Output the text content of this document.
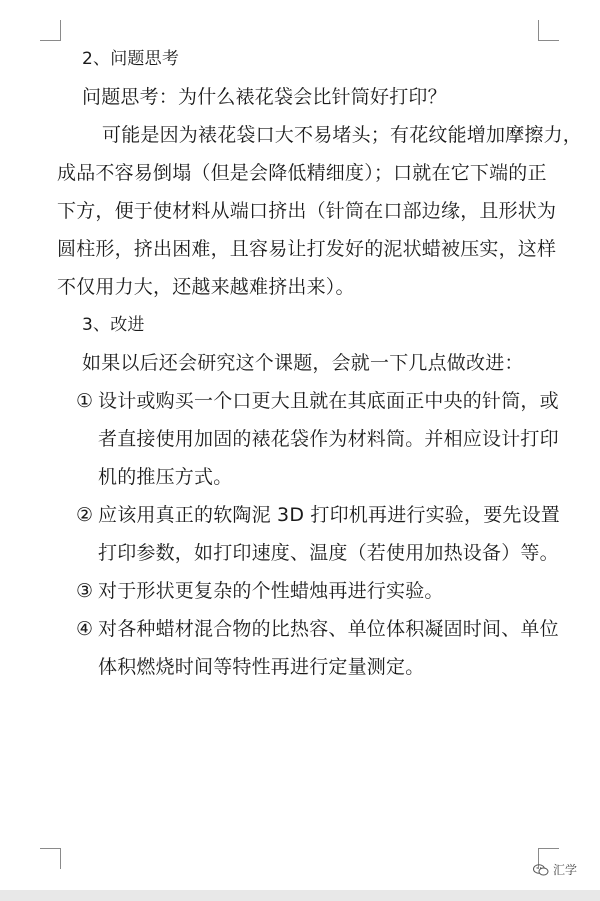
2、问题思考

问题思考：为什么裱花袋会比针筒好打印？

可能是因为裱花袋口大不易堵头；有花纹能增加摩擦力，

成品不容易倒塌（但是会降低精细度）；口就在它下端的正

下方，便于使材料从端口挤出（针筒在口部边缘，且形状为

圆柱形，挤出困难，且容易让打发好的泥状蜡被压实，这样

不仅用力大，还越来越难挤出来）。

3、改进

如果以后还会研究这个课题，会就一下几点做改进：

① 设计或购买一个口更大且就在其底面正中央的针筒，或
者直接使用加固的裱花袋作为材料筒。并相应设计打印
机的推压方式。
② 应该用真正的软陶泥 3D 打印机再进行实验，要先设置
打印参数，如打印速度、温度（若使用加热设备）等。
③ 对于形状更复杂的个性蜡烛再进行实验。
④ 对各种蜡材混合物的比热容、单位体积凝固时间、单位
体积燃烧时间等特性再进行定量测定。
汇学
